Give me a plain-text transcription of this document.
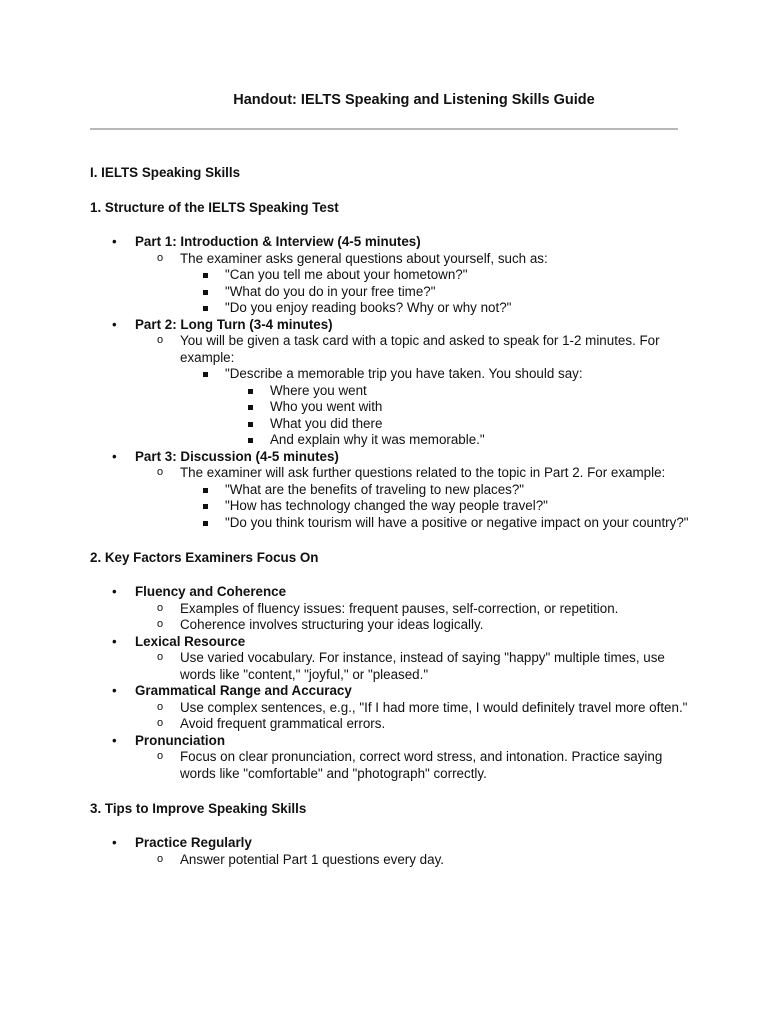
Handout: IELTS Speaking and Listening Skills Guide

I. IELTS Speaking Skills

1. Structure of the IELTS Speaking Test

• Part 1: Introduction & Interview (4-5 minutes)
o The examiner asks general questions about yourself, such as:
"Can you tell me about your hometown?"
"What do you do in your free time?"
"Do you enjoy reading books? Why or why not?"
• Part 2: Long Turn (3-4 minutes)
o You will be given a task card with a topic and asked to speak for 1-2 minutes. For example:
"Describe a memorable trip you have taken. You should say:
Where you went
Who you went with
What you did there
And explain why it was memorable."
• Part 3: Discussion (4-5 minutes)
o The examiner will ask further questions related to the topic in Part 2. For example:
"What are the benefits of traveling to new places?"
"How has technology changed the way people travel?"
"Do you think tourism will have a positive or negative impact on your country?"

2. Key Factors Examiners Focus On

• Fluency and Coherence
o Examples of fluency issues: frequent pauses, self-correction, or repetition.
o Coherence involves structuring your ideas logically.
• Lexical Resource
o Use varied vocabulary. For instance, instead of saying "happy" multiple times, use words like "content," "joyful," or "pleased."
• Grammatical Range and Accuracy
o Use complex sentences, e.g., "If I had more time, I would definitely travel more often."
o Avoid frequent grammatical errors.
• Pronunciation
o Focus on clear pronunciation, correct word stress, and intonation. Practice saying words like "comfortable" and "photograph" correctly.

3. Tips to Improve Speaking Skills

• Practice Regularly
o Answer potential Part 1 questions every day.
